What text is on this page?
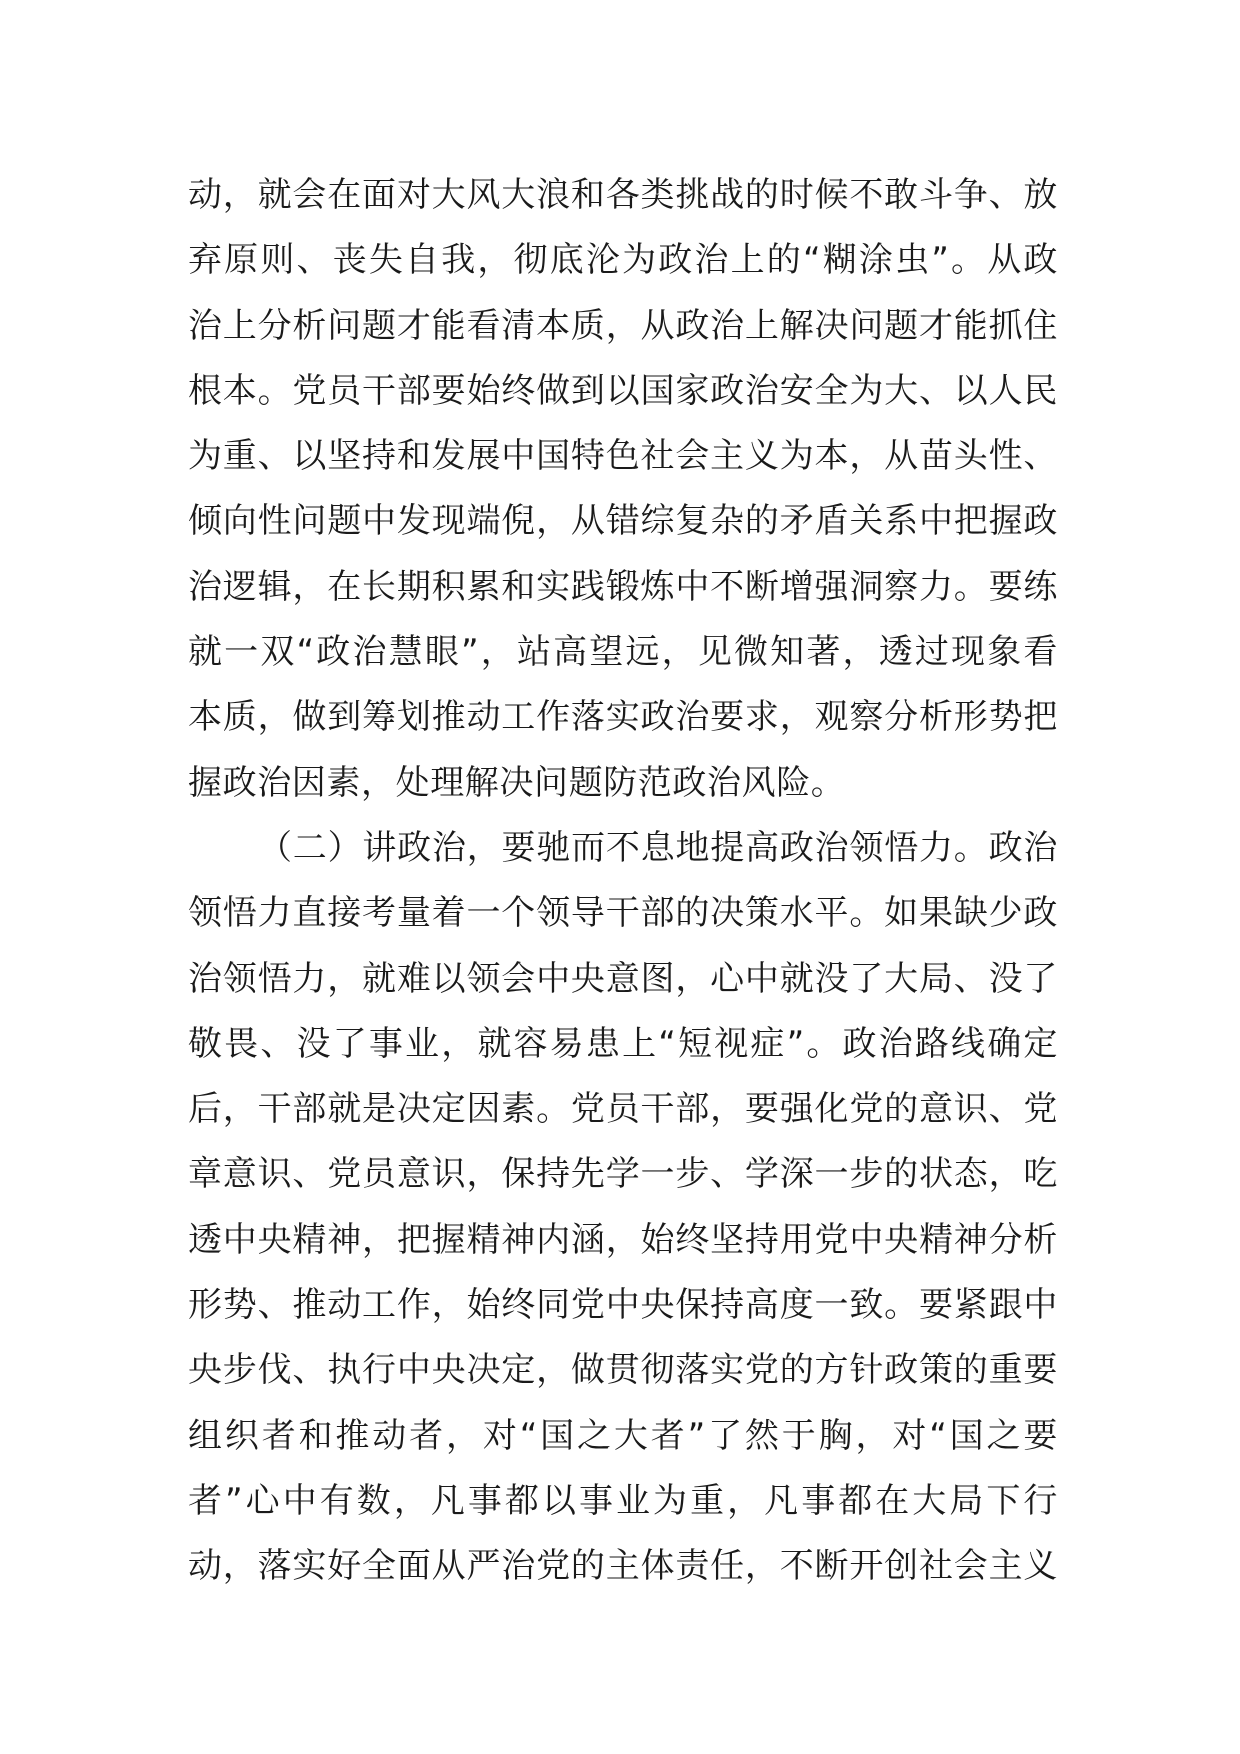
动，就会在面对大风大浪和各类挑战的时候不敢斗争、放
弃原则、丧失自我，彻底沦为政治上的“糊涂虫”。从政
治上分析问题才能看清本质，从政治上解决问题才能抓住
根本。党员干部要始终做到以国家政治安全为大、以人民
为重、以坚持和发展中国特色社会主义为本，从苗头性、
倾向性问题中发现端倪，从错综复杂的矛盾关系中把握政
治逻辑，在长期积累和实践锻炼中不断增强洞察力。要练
就一双“政治慧眼”，站高望远，见微知著，透过现象看
本质，做到筹划推动工作落实政治要求，观察分析形势把
握政治因素，处理解决问题防范政治风险。
（二）讲政治，要驰而不息地提高政治领悟力。政治
领悟力直接考量着一个领导干部的决策水平。如果缺少政
治领悟力，就难以领会中央意图，心中就没了大局、没了
敬畏、没了事业，就容易患上“短视症”。政治路线确定
后，干部就是决定因素。党员干部，要强化党的意识、党
章意识、党员意识，保持先学一步、学深一步的状态，吃
透中央精神，把握精神内涵，始终坚持用党中央精神分析
形势、推动工作，始终同党中央保持高度一致。要紧跟中
央步伐、执行中央决定，做贯彻落实党的方针政策的重要
组织者和推动者，对“国之大者”了然于胸，对“国之要
者”心中有数，凡事都以事业为重，凡事都在大局下行
动，落实好全面从严治党的主体责任，不断开创社会主义
